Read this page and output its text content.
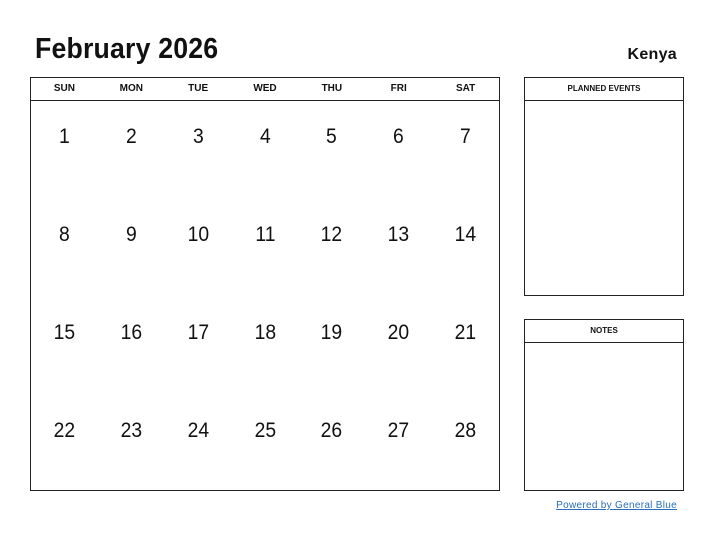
February 2026	Kenya
SUN	MON	TUE	WED	THU	FRI	SAT
1	2	3	4	5	6	7
8	9	10	11	12	13	14
15	16	17	18	19	20	21
22	23	24	25	26	27	28
PLANNED EVENTS
NOTES
Powered by General Blue
